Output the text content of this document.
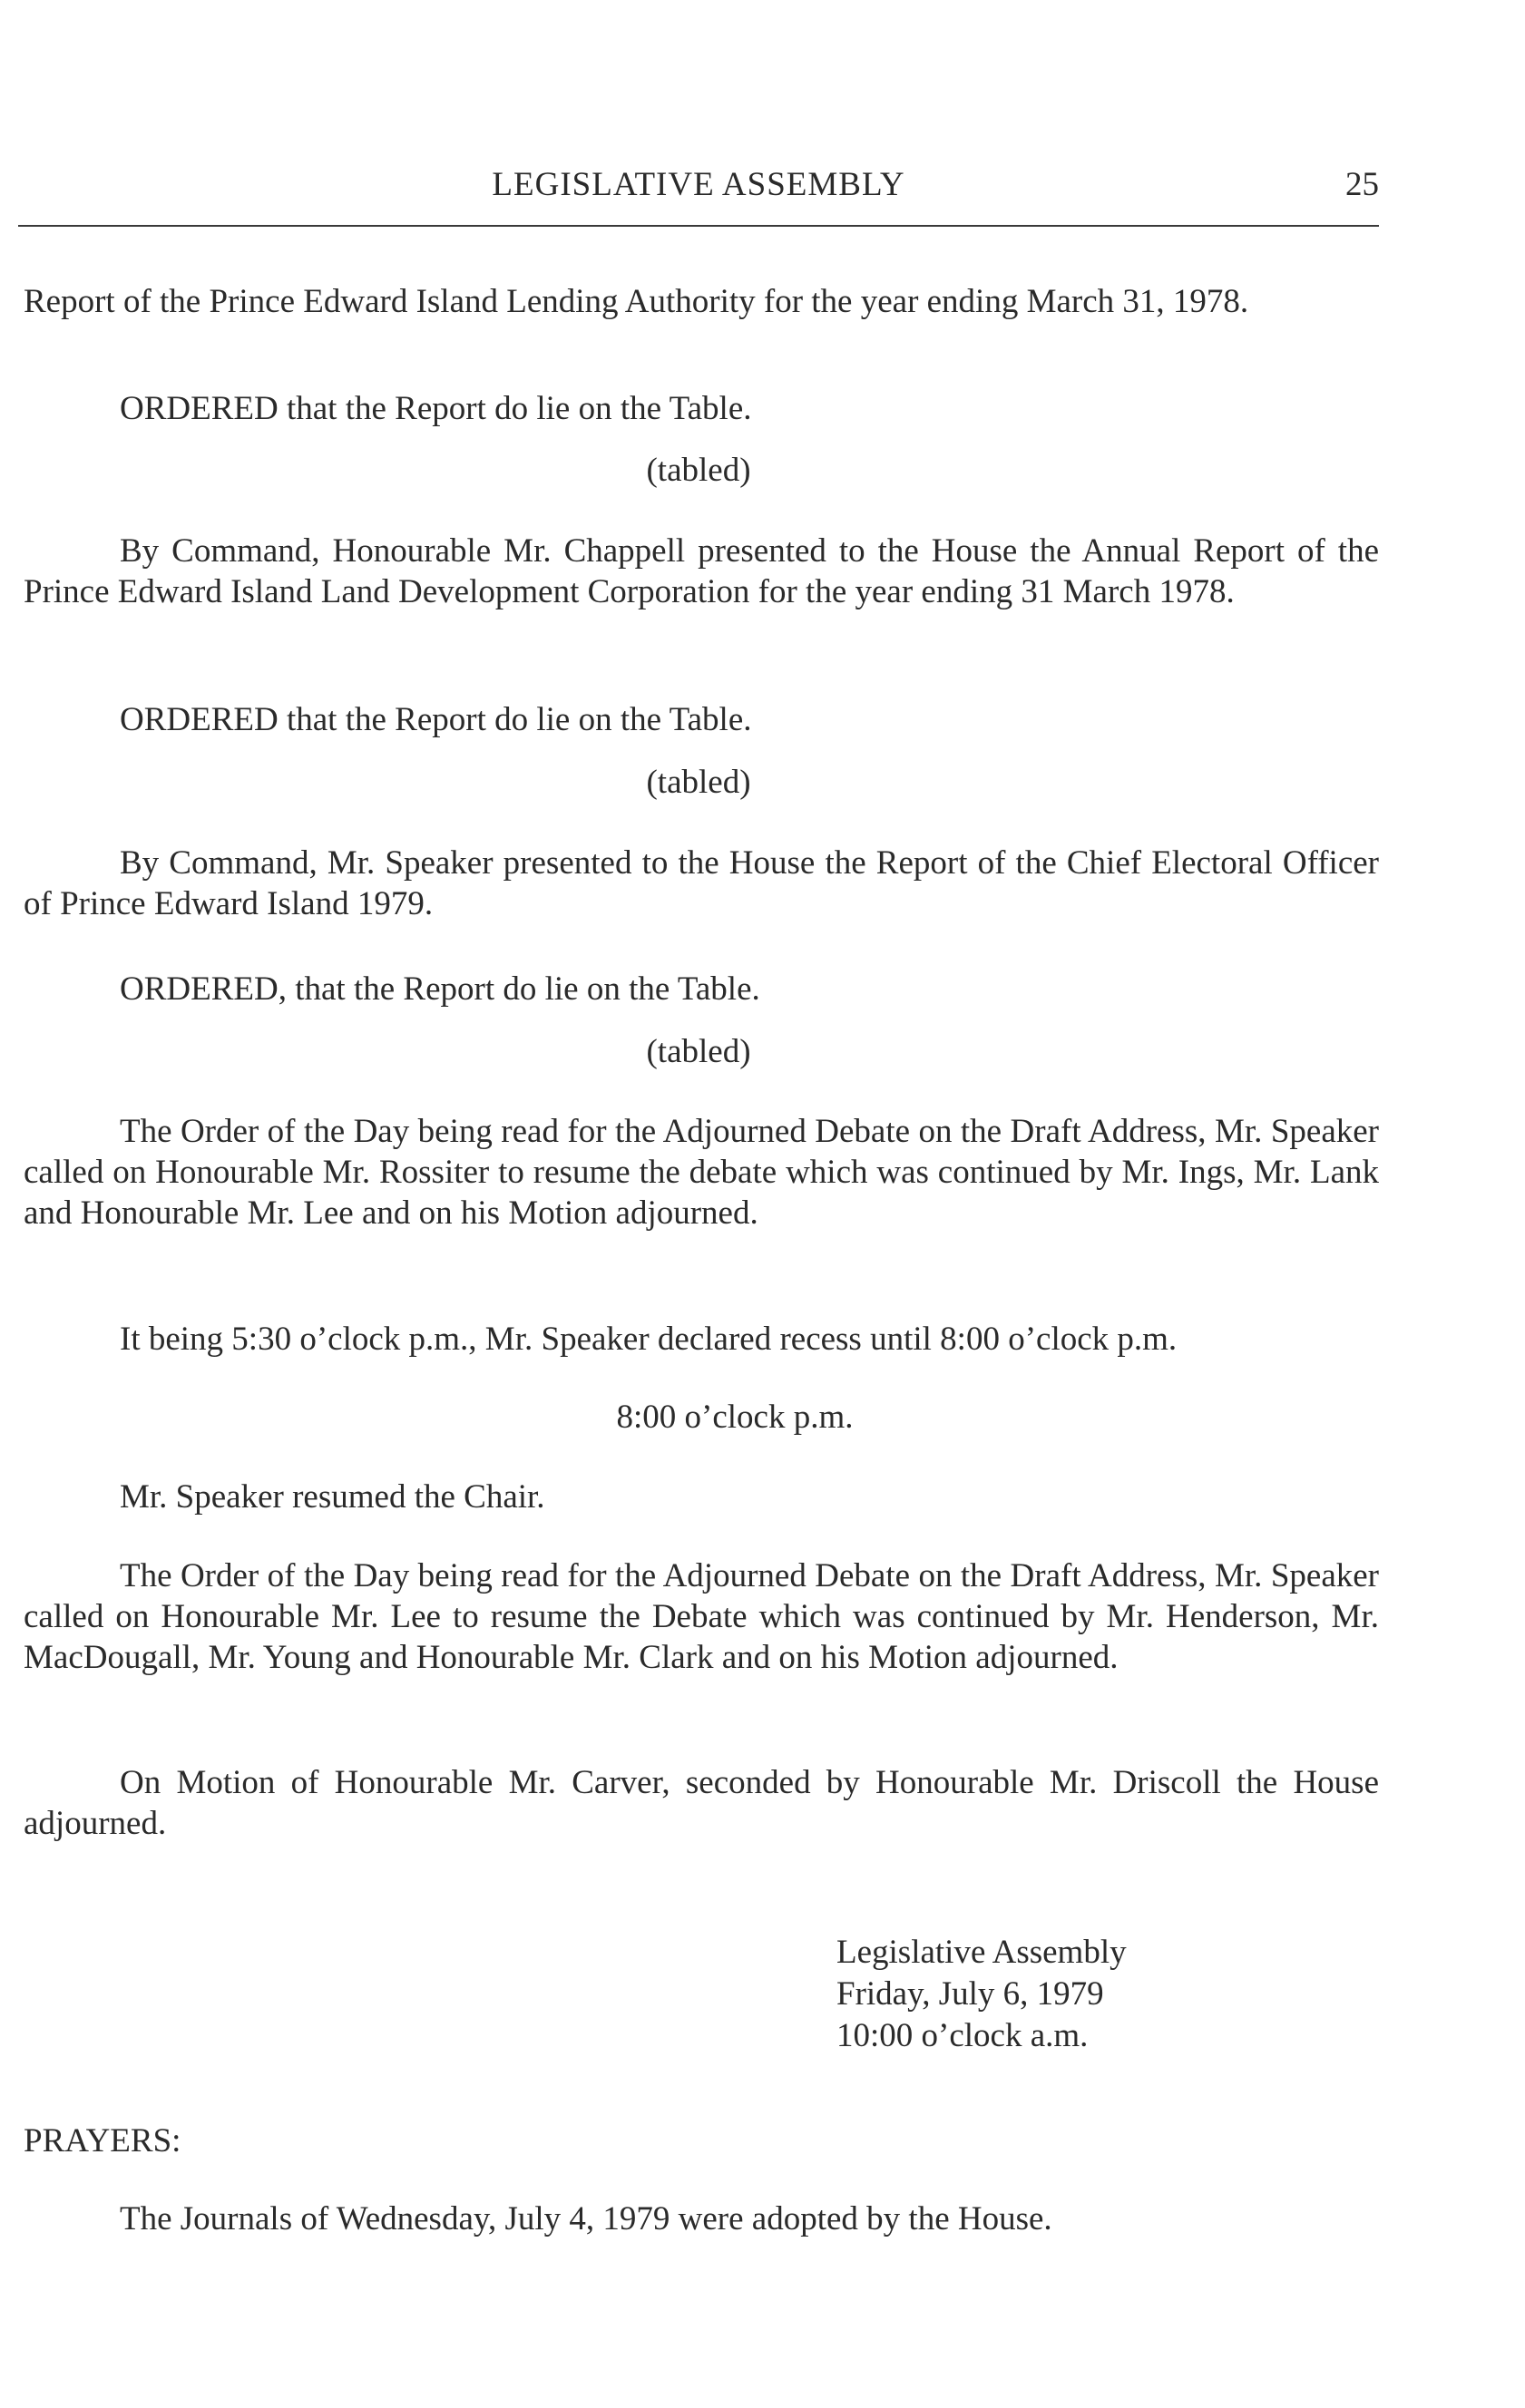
LEGISLATIVE ASSEMBLY	25
Report of the Prince Edward Island Lending Authority for the year ending March 31, 1978.
ORDERED that the Report do lie on the Table.
(tabled)
By Command, Honourable Mr. Chappell presented to the House the Annual Report of the Prince Edward Island Land Development Corporation for the year ending 31 March 1978.
ORDERED that the Report do lie on the Table.
(tabled)
By Command, Mr. Speaker presented to the House the Report of the Chief Electoral Officer of Prince Edward Island 1979.
ORDERED, that the Report do lie on the Table.
(tabled)
The Order of the Day being read for the Adjourned Debate on the Draft Address, Mr. Speaker called on Honourable Mr. Rossiter to resume the debate which was continued by Mr. Ings, Mr. Lank and Honourable Mr. Lee and on his Motion adjourned.
It being 5:30 o’clock p.m., Mr. Speaker declared recess until 8:00 o’clock p.m.
8:00 o’clock p.m.
Mr. Speaker resumed the Chair.
The Order of the Day being read for the Adjourned Debate on the Draft Address, Mr. Speaker called on Honourable Mr. Lee to resume the Debate which was continued by Mr. Henderson, Mr. MacDougall, Mr. Young and Honourable Mr. Clark and on his Motion adjourned.
On Motion of Honourable Mr. Carver, seconded by Honourable Mr. Driscoll the House adjourned.
Legislative Assembly
Friday, July 6, 1979
10:00 o’clock a.m.
PRAYERS:
The Journals of Wednesday, July 4, 1979 were adopted by the House.
